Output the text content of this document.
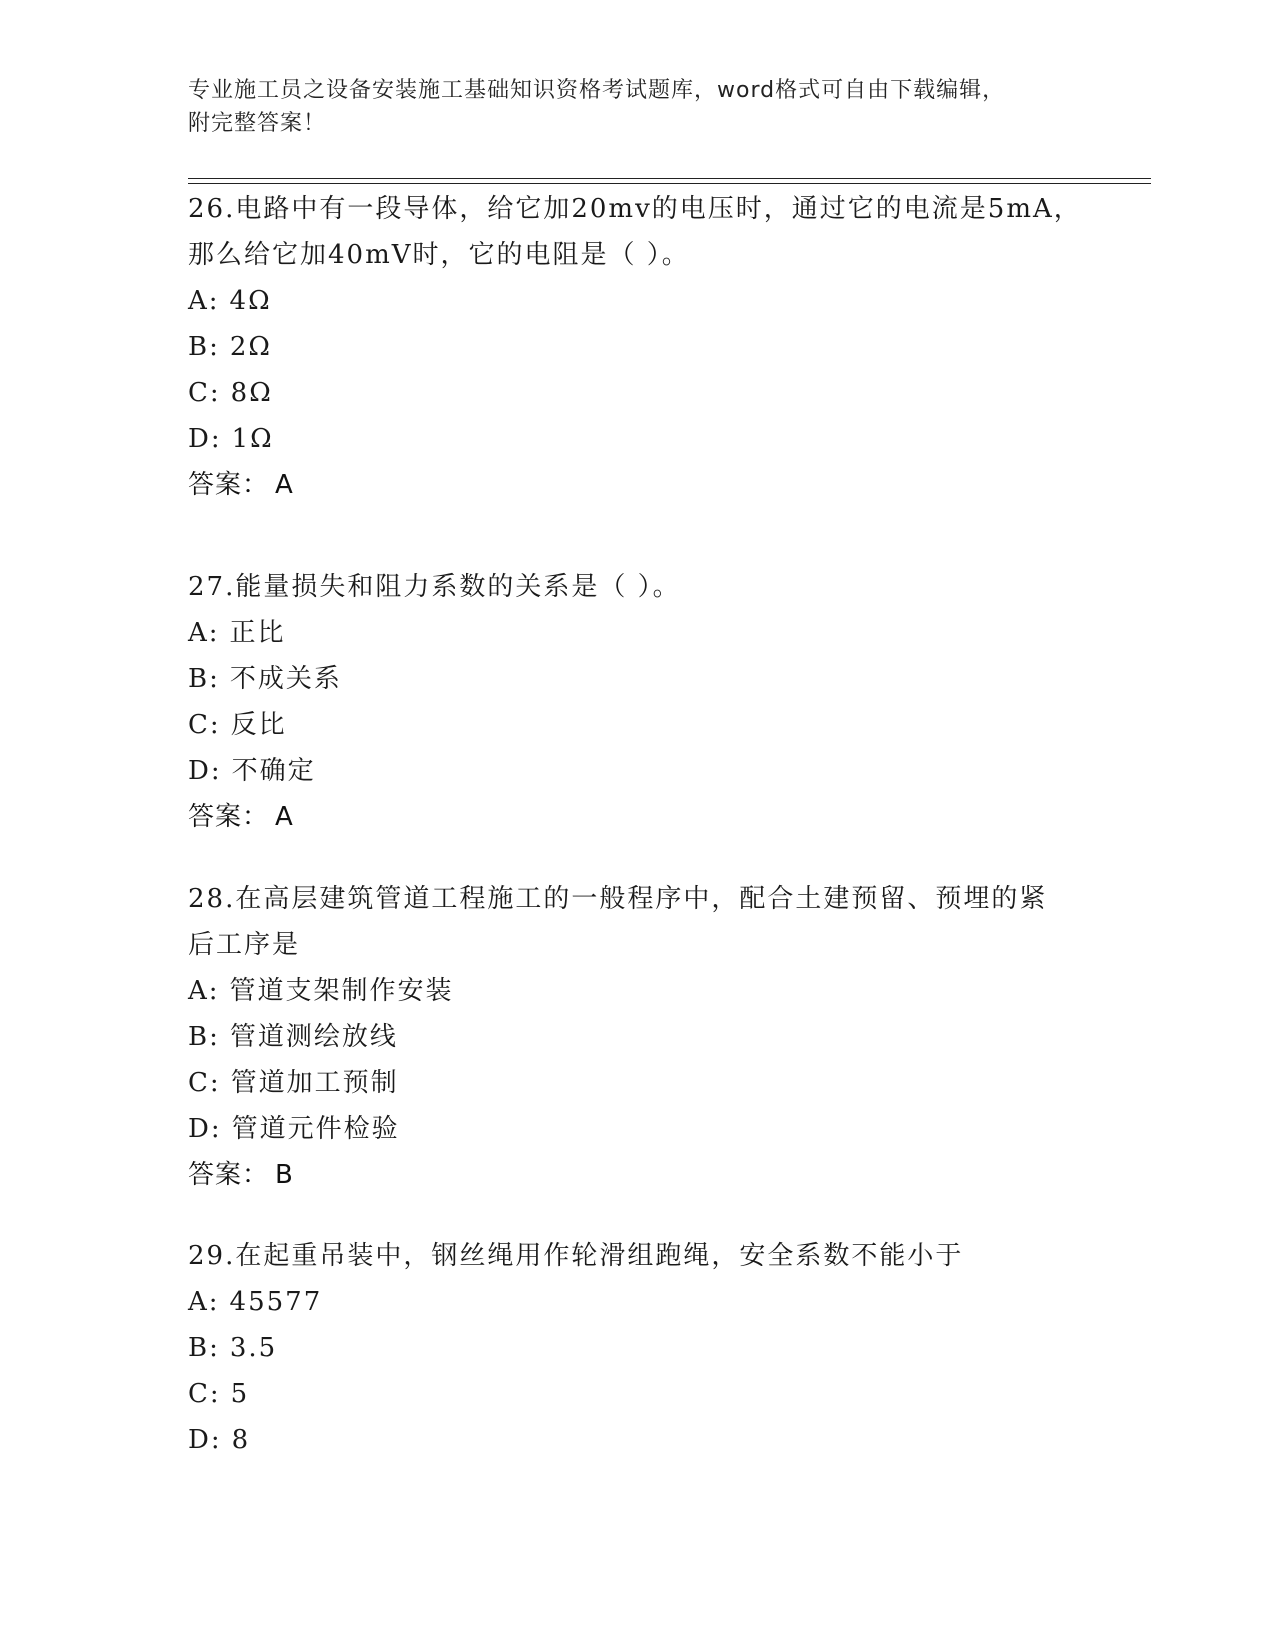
专业施工员之设备安装施工基础知识资格考试题库，word格式可自由下载编辑，
附完整答案！
26.电路中有一段导体，给它加20mv的电压时，通过它的电流是5mA，
那么给它加40mV时，它的电阻是（ ）。
A: 4Ω
B: 2Ω
C: 8Ω
D: 1Ω
答案： A
27.能量损失和阻力系数的关系是（ ）。
A: 正比
B: 不成关系
C: 反比
D: 不确定
答案： A
28.在高层建筑管道工程施工的一般程序中，配合土建预留、预埋的紧
后工序是
A: 管道支架制作安装
B: 管道测绘放线
C: 管道加工预制
D: 管道元件检验
答案： B
29.在起重吊装中，钢丝绳用作轮滑组跑绳，安全系数不能小于
A: 45577
B: 3.5
C: 5
D: 8
